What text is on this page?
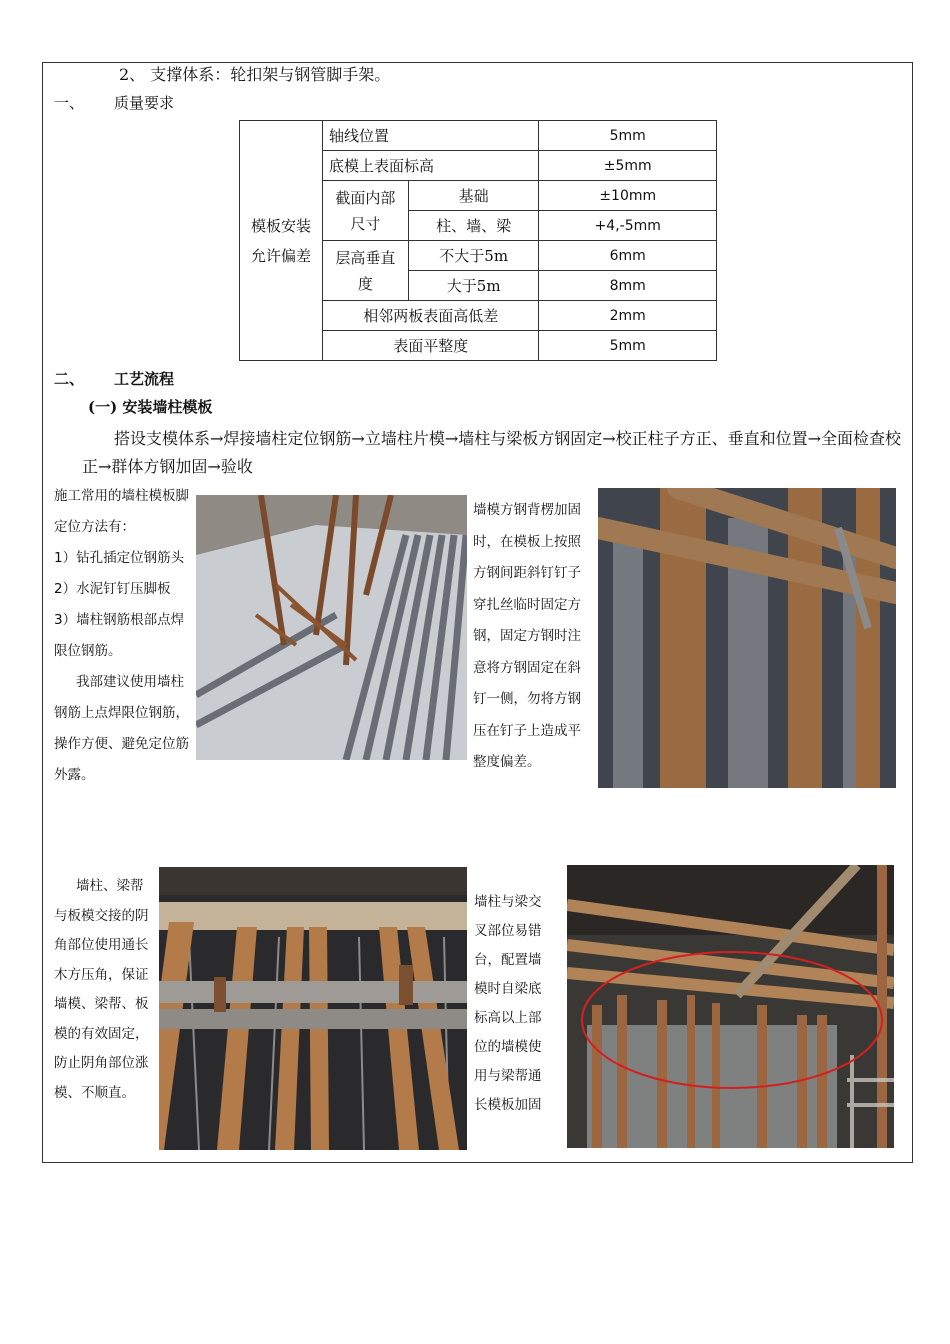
2、 支撑体系：轮扣架与钢管脚手架。
一、 质量要求
模板安装允许偏差	轴线位置		5mm
	底模上表面标高		±5mm
	截面内部尺寸	基础	±10mm
		柱、墙、梁	+4,-5mm
	层高垂直度	不大于5m	6mm
		大于5m	8mm
	相邻两板表面高低差		2mm
	表面平整度		5mm
二、 工艺流程
(一) 安装墙柱模板
搭设支模体系→焊接墙柱定位钢筋→立墙柱片模→墙柱与梁板方钢固定→校正柱子方正、垂直和位置→全面检查校正→群体方钢加固→验收

施工常用的墙柱模板脚定位方法有：

1）钻孔插定位钢筋头

2）水泥钉钉压脚板

3）墙柱钢筋根部点焊限位钢筋。

我部建议使用墙柱钢筋上点焊限位钢筋，操作方便、避免定位筋外露。

墙模方钢背楞加固时，在模板上按照方钢间距斜钉钉子穿扎丝临时固定方钢，固定方钢时注意将方钢固定在斜钉一侧，勿将方钢压在钉子上造成平整度偏差。
墙柱、梁帮与板模交接的阴角部位使用通长木方压角，保证墙模、梁帮、板模的有效固定，防止阴角部位涨模、不顺直。
墙柱与梁交叉部位易错台，配置墙模时自梁底标高以上部位的墙模使用与梁帮通长模板加固
